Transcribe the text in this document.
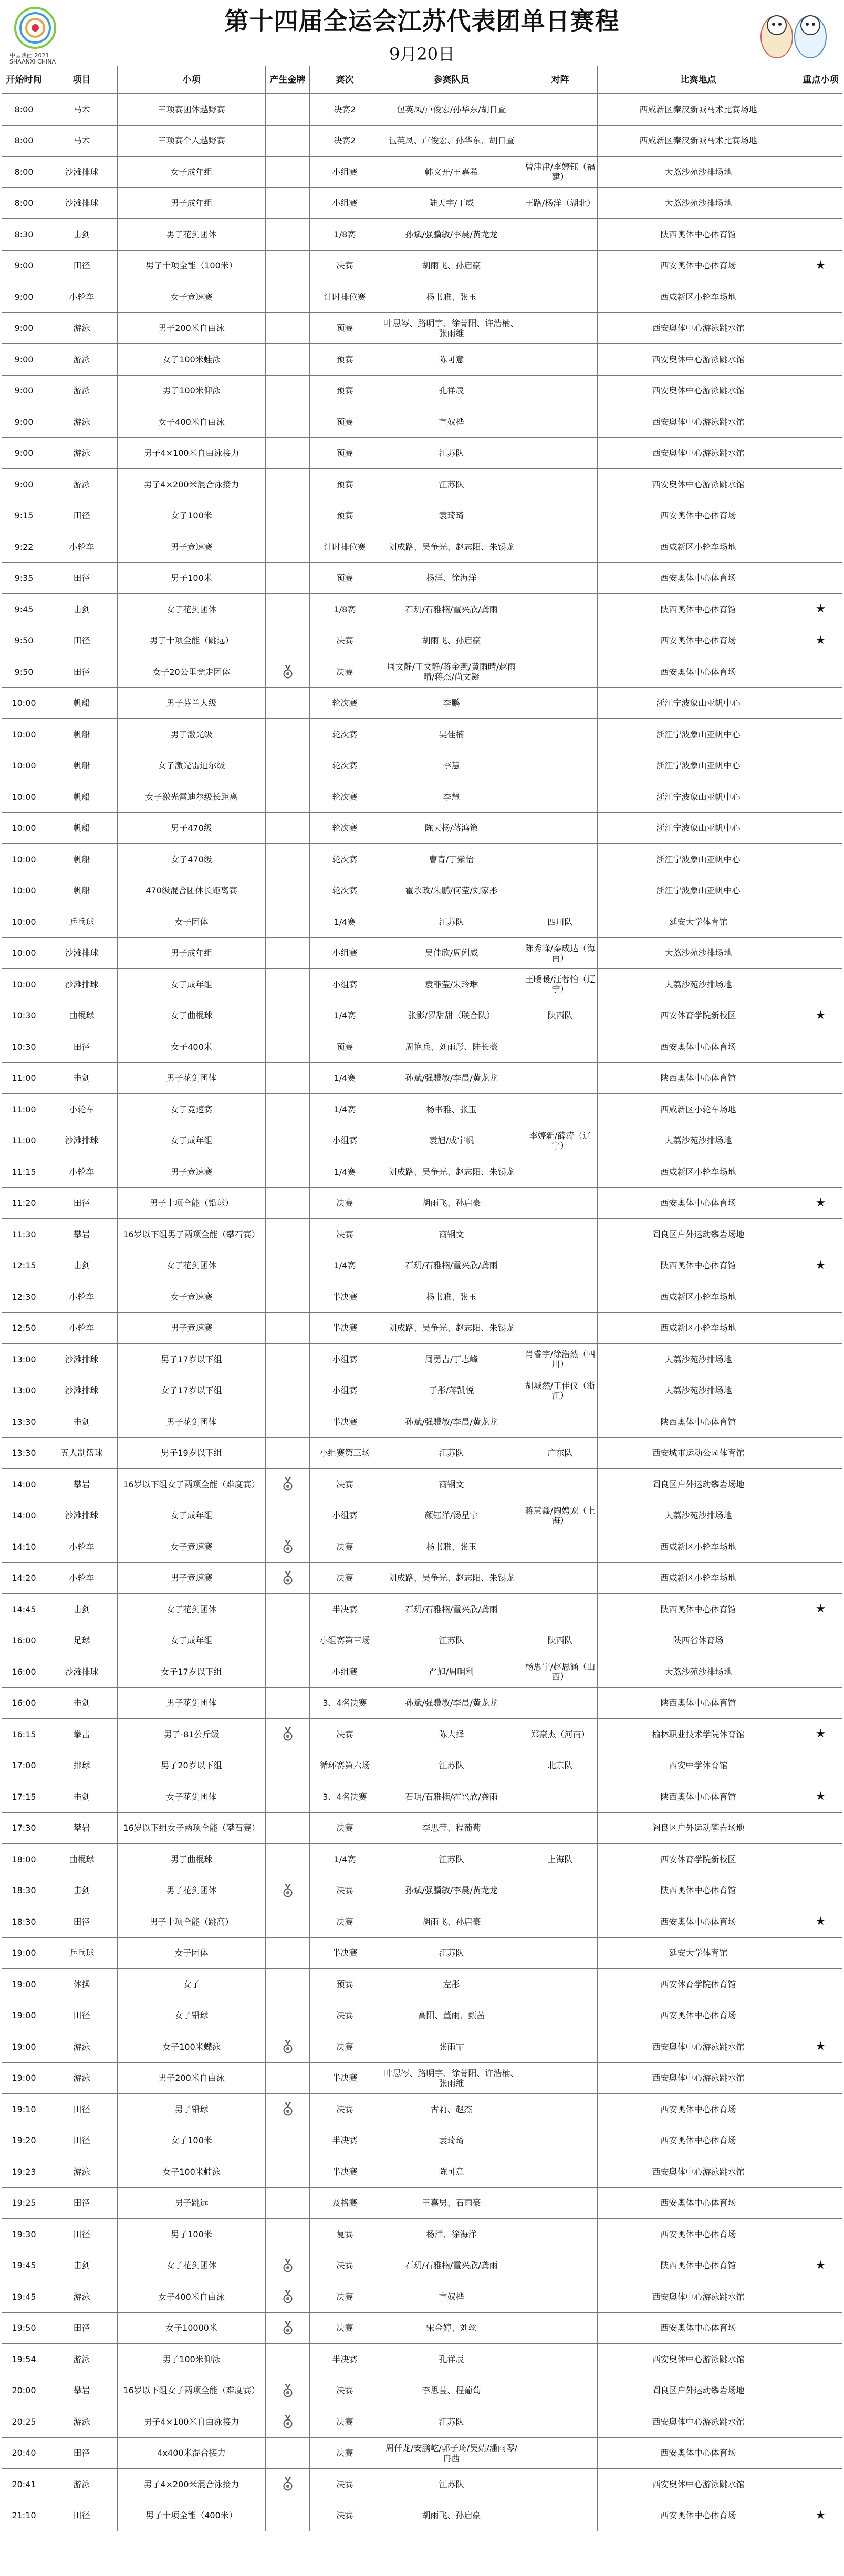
中国陕西 2021
SHAANXI CHINA
第十四届全运会江苏代表团单日赛程
9月20日
开始时间	项目	小项	产生金牌	赛次	参赛队员	对阵	比赛地点	重点小项
8:00	马术	三项赛团体越野赛		决赛2	包英凤/卢俊宏/孙华东/胡日查		西咸新区秦汉新城马术比赛场地	
8:00	马术	三项赛个人越野赛		决赛2	包英凤、卢俊宏、孙华东、胡日查		西咸新区秦汉新城马术比赛场地	
8:00	沙滩排球	女子成年组		小组赛	韩文开/王嘉希	曾津津/李婷钰（福建）	大荔沙苑沙排场地	
8:00	沙滩排球	男子成年组		小组赛	陆天宇/丁威	王路/杨洋（湖北）	大荔沙苑沙排场地	
8:30	击剑	男子花剑团体		1/8赛	孙斌/强骥敏/李晨/黄龙龙		陕西奥体中心体育馆	
9:00	田径	男子十项全能（100米）		决赛	胡雨飞、孙启豪		西安奥体中心体育场	★
9:00	小轮车	女子竞速赛		计时排位赛	杨书雅、张玉		西咸新区小轮车场地	
9:00	游泳	男子200米自由泳		预赛	叶思岑、路明宇、徐菁阳、许浩楠、张雨维		西安奥体中心游泳跳水馆	
9:00	游泳	女子100米蛙泳		预赛	陈可意		西安奥体中心游泳跳水馆	
9:00	游泳	男子100米仰泳		预赛	孔祥辰		西安奥体中心游泳跳水馆	
9:00	游泳	女子400米自由泳		预赛	言奴桦		西安奥体中心游泳跳水馆	
9:00	游泳	男子4×100米自由泳接力		预赛	江苏队		西安奥体中心游泳跳水馆	
9:00	游泳	男子4×200米混合泳接力		预赛	江苏队		西安奥体中心游泳跳水馆	
9:15	田径	女子100米		预赛	袁琦琦		西安奥体中心体育场	
9:22	小轮车	男子竞速赛		计时排位赛	刘成路、吴争光、赵志阳、朱锡龙		西咸新区小轮车场地	
9:35	田径	男子100米		预赛	杨洋、徐海洋		西安奥体中心体育场	
9:45	击剑	女子花剑团体		1/8赛	石玥/石雅楠/霍兴欣/龚雨		陕西奥体中心体育馆	★
9:50	田径	男子十项全能（跳远）		决赛	胡雨飞、孙启豪		西安奥体中心体育场	★
9:50	田径	女子20公里竞走团体		决赛	周文静/王文静/蒋金燕/黄雨晴/赵雨晴/蒋杰/尚文凝		西安奥体中心体育场	
10:00	帆船	男子芬兰人级		轮次赛	李鹏		浙江宁波象山亚帆中心	
10:00	帆船	男子激光级		轮次赛	吴佳楠		浙江宁波象山亚帆中心	
10:00	帆船	女子激光雷迪尔级		轮次赛	李慧		浙江宁波象山亚帆中心	
10:00	帆船	女子激光雷迪尔级长距离		轮次赛	李慧		浙江宁波象山亚帆中心	
10:00	帆船	男子470级		轮次赛	陈天杨/蒋鸿策		浙江宁波象山亚帆中心	
10:00	帆船	女子470级		轮次赛	曹青/丁紫怡		浙江宁波象山亚帆中心	
10:00	帆船	470级混合团体长距离赛		轮次赛	霍永政/朱鹏/何莹/刘家彤		浙江宁波象山亚帆中心	
10:00	乒乓球	女子团体		1/4赛	江苏队	四川队	延安大学体育馆	
10:00	沙滩排球	男子成年组		小组赛	吴佳欣/周俐威	陈秀峰/秦成达（海南）	大荔沙苑沙排场地	
10:00	沙滩排球	女子成年组		小组赛	袁菲莹/朱玲琳	王暖暖/汪蓉怡（辽宁）	大荔沙苑沙排场地	
10:30	曲棍球	女子曲棍球		1/4赛	张影/罗甜甜（联合队）	陕西队	西安体育学院新校区	★
10:30	田径	女子400米		预赛	周艳兵、刘雨彤、陆长薇		西安奥体中心体育场	
11:00	击剑	男子花剑团体		1/4赛	孙斌/强骥敏/李晨/黄龙龙		陕西奥体中心体育馆	
11:00	小轮车	女子竞速赛		1/4赛	杨书雅、张玉		西咸新区小轮车场地	
11:00	沙滩排球	女子成年组		小组赛	袁旭/成宇帆	李婷新/薛涛（辽宁）	大荔沙苑沙排场地	
11:15	小轮车	男子竞速赛		1/4赛	刘成路、吴争光、赵志阳、朱锡龙		西咸新区小轮车场地	
11:20	田径	男子十项全能（铅球）		决赛	胡雨飞、孙启豪		西安奥体中心体育场	★
11:30	攀岩	16岁以下组男子两项全能（攀石赛）		决赛	商钢文		阎良区户外运动攀岩场地	
12:15	击剑	女子花剑团体		1/4赛	石玥/石雅楠/霍兴欣/龚雨		陕西奥体中心体育馆	★
12:30	小轮车	女子竞速赛		半决赛	杨书雅、张玉		西咸新区小轮车场地	
12:50	小轮车	男子竞速赛		半决赛	刘成路、吴争光、赵志阳、朱锡龙		西咸新区小轮车场地	
13:00	沙滩排球	男子17岁以下组		小组赛	周勇吉/丁志峰	肖睿宇/徐浩然（四川）	大荔沙苑沙排场地	
13:00	沙滩排球	女子17岁以下组		小组赛	于彤/蒋凯悦	胡城然/王佳仪（浙江）	大荔沙苑沙排场地	
13:30	击剑	男子花剑团体		半决赛	孙斌/强骥敏/李晨/黄龙龙		陕西奥体中心体育馆	
13:30	五人制篮球	男子19岁以下组		小组赛第三场	江苏队	广东队	西安城市运动公园体育馆	
14:00	攀岩	16岁以下组女子两项全能（难度赛）		决赛	商钢文		阎良区户外运动攀岩场地	
14:00	沙滩排球	女子成年组		小组赛	颜钰洋/汤星宇	蒋慧鑫/陶娉宠（上海）	大荔沙苑沙排场地	
14:10	小轮车	女子竞速赛		决赛	杨书雅、张玉		西咸新区小轮车场地	
14:20	小轮车	男子竞速赛		决赛	刘成路、吴争光、赵志阳、朱锡龙		西咸新区小轮车场地	
14:45	击剑	女子花剑团体		半决赛	石玥/石雅楠/霍兴欣/龚雨		陕西奥体中心体育馆	★
16:00	足球	女子成年组		小组赛第三场	江苏队	陕西队	陕西省体育场	
16:00	沙滩排球	女子17岁以下组		小组赛	严旭/周明利	杨思宇/赵思涵（山西）	大荔沙苑沙排场地	
16:00	击剑	男子花剑团体		3、4名决赛	孙斌/强骥敏/李晨/黄龙龙		陕西奥体中心体育馆	
16:15	拳击	男子-81公斤级		决赛	陈大择	郑豪杰（河南）	榆林职业技术学院体育馆	★
17:00	排球	男子20岁以下组		循环赛第六场	江苏队	北京队	西安中学体育馆	
17:15	击剑	女子花剑团体		3、4名决赛	石玥/石雅楠/霍兴欣/龚雨		陕西奥体中心体育馆	★
17:30	攀岩	16岁以下组女子两项全能（攀石赛）		决赛	李思莹、程葡萄		阎良区户外运动攀岩场地	
18:00	曲棍球	男子曲棍球		1/4赛	江苏队	上海队	西安体育学院新校区	
18:30	击剑	男子花剑团体		决赛	孙斌/强骥敏/李晨/黄龙龙		陕西奥体中心体育馆	
18:30	田径	男子十项全能（跳高）		决赛	胡雨飞、孙启豪		西安奥体中心体育场	★
19:00	乒乓球	女子团体		半决赛	江苏队		延安大学体育馆	
19:00	体操	女子		预赛	左彤		西安体育学院体育馆	
19:00	田径	女子铅球		决赛	高阳、董雨、甄茜		西安奥体中心体育场	
19:00	游泳	女子100米蝶泳		决赛	张雨霏		西安奥体中心游泳跳水馆	★
19:00	游泳	男子200米自由泳		半决赛	叶思岑、路明宇、徐菁阳、许浩楠、张雨维		西安奥体中心游泳跳水馆	
19:10	田径	男子铅球		决赛	古莉、赵杰		西安奥体中心体育场	
19:20	田径	女子100米		半决赛	袁琦琦		西安奥体中心体育场	
19:23	游泳	女子100米蛙泳		半决赛	陈可意		西安奥体中心游泳跳水馆	
19:25	田径	男子跳远		及格赛	王嘉男、石雨豪		西安奥体中心体育场	
19:30	田径	男子100米		复赛	杨洋、徐海洋		西安奥体中心体育场	
19:45	击剑	女子花剑团体		决赛	石玥/石雅楠/霍兴欣/龚雨		陕西奥体中心体育馆	★
19:45	游泳	女子400米自由泳		决赛	言奴桦		西安奥体中心游泳跳水馆	
19:50	田径	女子10000米		决赛	宋金婷、刘丝		西安奥体中心体育场	
19:54	游泳	男子100米仰泳		半决赛	孔祥辰		西安奥体中心游泳跳水馆	
20:00	攀岩	16岁以下组女子两项全能（难度赛）		决赛	李思莹、程葡萄		阎良区户外运动攀岩场地	
20:25	游泳	男子4×100米自由泳接力		决赛	江苏队		西安奥体中心游泳跳水馆	
20:40	田径	4x400米混合接力		决赛	周仟龙/安鹏屹/郭子琦/吴婧/潘雨琴/冉茜		西安奥体中心体育场	
20:41	游泳	男子4×200米混合泳接力		决赛	江苏队		西安奥体中心游泳跳水馆	
21:10	田径	男子十项全能（400米）		决赛	胡雨飞、孙启豪		西安奥体中心体育场	★
